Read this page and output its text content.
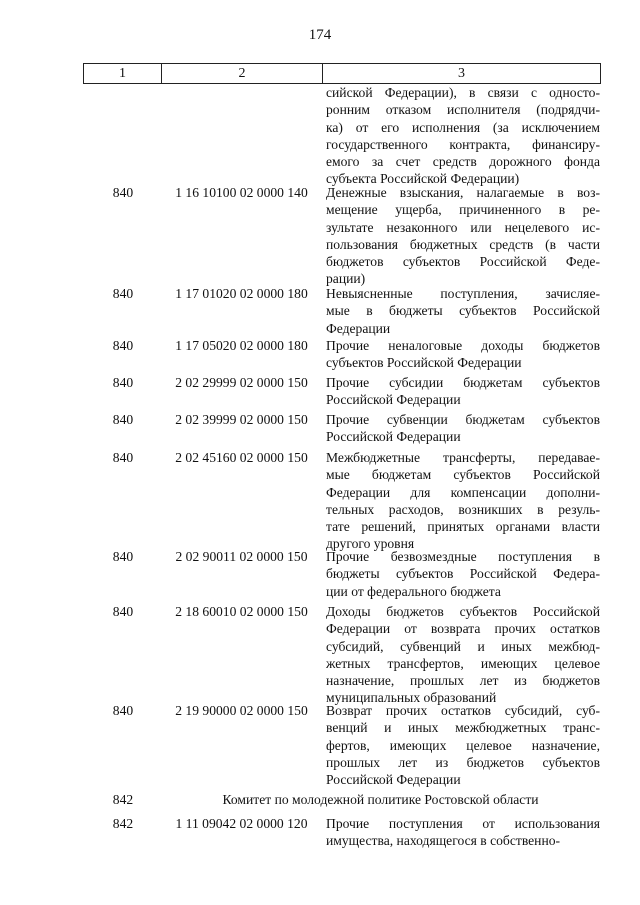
174
1	2	3
сийской Федерации), в связи с односто-
ронним отказом исполнителя (подрядчи-
ка) от его исполнения (за исключением
государственного контракта, финансиру-
емого за счет средств дорожного фонда
субъекта Российской Федерации)
840	1 16 10100 02 0000 140	Денежные взыскания, налагаемые в воз-
мещение ущерба, причиненного в ре-
зультате незаконного или нецелевого ис-
пользования бюджетных средств (в части
бюджетов субъектов Российской Феде-
рации)
840	1 17 01020 02 0000 180	Невыясненные поступления, зачисляе-
мые в бюджеты субъектов Российской
Федерации
840	1 17 05020 02 0000 180	Прочие неналоговые доходы бюджетов
субъектов Российской Федерации
840	2 02 29999 02 0000 150	Прочие субсидии бюджетам субъектов
Российской Федерации
840	2 02 39999 02 0000 150	Прочие субвенции бюджетам субъектов
Российской Федерации
840	2 02 45160 02 0000 150	Межбюджетные трансферты, передавае-
мые бюджетам субъектов Российской
Федерации для компенсации дополни-
тельных расходов, возникших в резуль-
тате решений, принятых органами власти
другого уровня
840	2 02 90011 02 0000 150	Прочие безвозмездные поступления в
бюджеты субъектов Российской Федера-
ции от федерального бюджета
840	2 18 60010 02 0000 150	Доходы бюджетов субъектов Российской
Федерации от возврата прочих остатков
субсидий, субвенций и иных межбюд-
жетных трансфертов, имеющих целевое
назначение, прошлых лет из бюджетов
муниципальных образований
840	2 19 90000 02 0000 150	Возврат прочих остатков субсидий, суб-
венций и иных межбюджетных транс-
фертов, имеющих целевое назначение,
прошлых лет из бюджетов субъектов
Российской Федерации
842	Комитет по молодежной политике Ростовской области
842	1 11 09042 02 0000 120	Прочие поступления от использования
имущества, находящегося в собственно-
